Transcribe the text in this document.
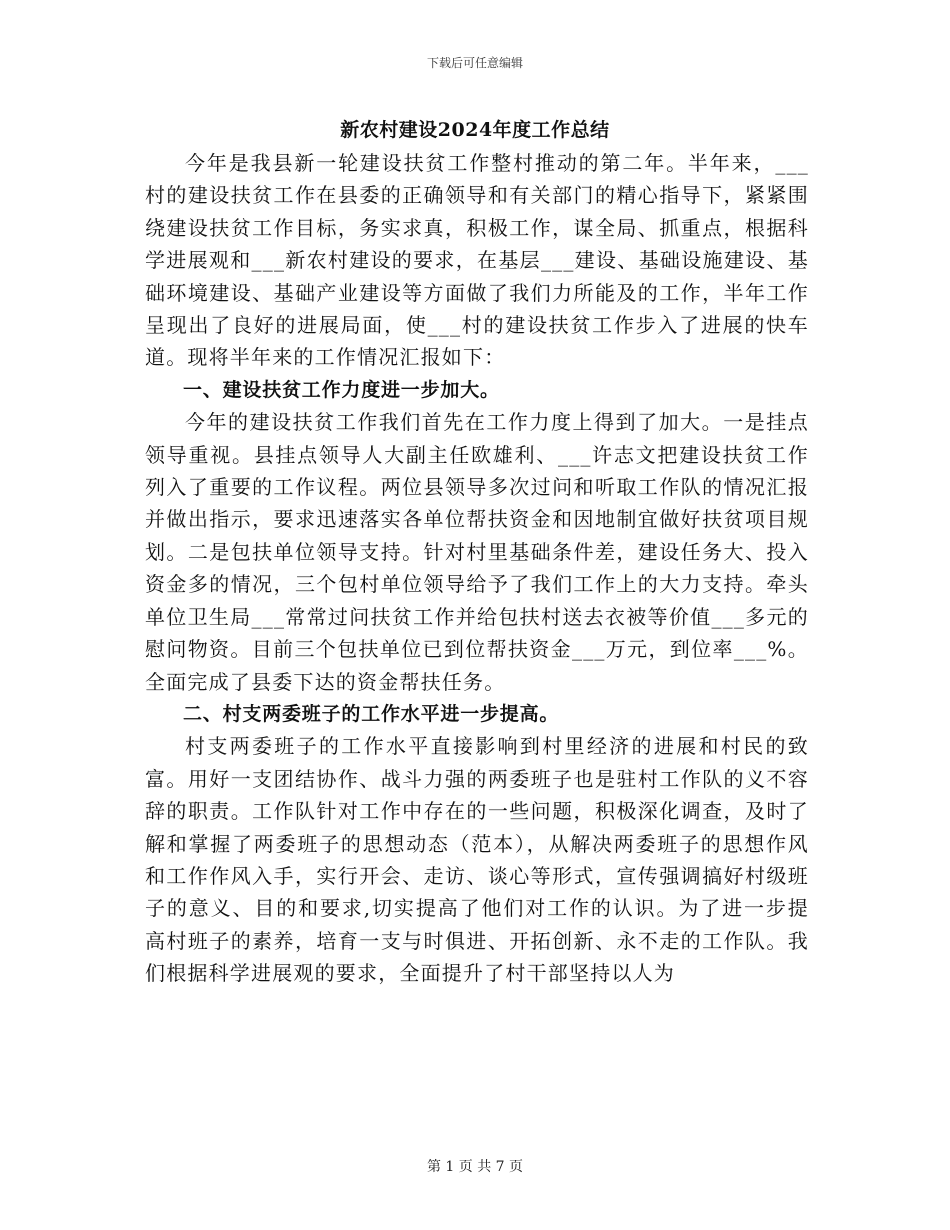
下载后可任意编辑
新农村建设2024年度工作总结

今年是我县新一轮建设扶贫工作整村推动的第二年。半年来，___村的建设扶贫工作在县委的正确领导和有关部门的精心指导下，紧紧围绕建设扶贫工作目标，务实求真，积极工作，谋全局、抓重点，根据科学进展观和___新农村建设的要求，在基层___建设、基础设施建设、基础环境建设、基础产业建设等方面做了我们力所能及的工作，半年工作呈现出了良好的进展局面，使___村的建设扶贫工作步入了进展的快车道。现将半年来的工作情况汇报如下：

一、建设扶贫工作力度进一步加大。

今年的建设扶贫工作我们首先在工作力度上得到了加大。一是挂点领导重视。县挂点领导人大副主任欧雄利、___许志文把建设扶贫工作列入了重要的工作议程。两位县领导多次过问和听取工作队的情况汇报并做出指示，要求迅速落实各单位帮扶资金和因地制宜做好扶贫项目规划。二是包扶单位领导支持。针对村里基础条件差，建设任务大、投入资金多的情况，三个包村单位领导给予了我们工作上的大力支持。牵头单位卫生局___常常过问扶贫工作并给包扶村送去衣被等价值___多元的慰问物资。目前三个包扶单位已到位帮扶资金___万元，到位率___%。全面完成了县委下达的资金帮扶任务。

二、村支两委班子的工作水平进一步提高。

村支两委班子的工作水平直接影响到村里经济的进展和村民的致富。用好一支团结协作、战斗力强的两委班子也是驻村工作队的义不容辞的职责。工作队针对工作中存在的一些问题，积极深化调查，及时了解和掌握了两委班子的思想动态（范本），从解决两委班子的思想作风和工作作风入手，实行开会、走访、谈心等形式，宣传强调搞好村级班子的意义、目的和要求,切实提高了他们对工作的认识。为了进一步提高村班子的素养，培育一支与时俱进、开拓创新、永不走的工作队。我们根据科学进展观的要求，全面提升了村干部坚持以人为

第 1 页 共 7 页
